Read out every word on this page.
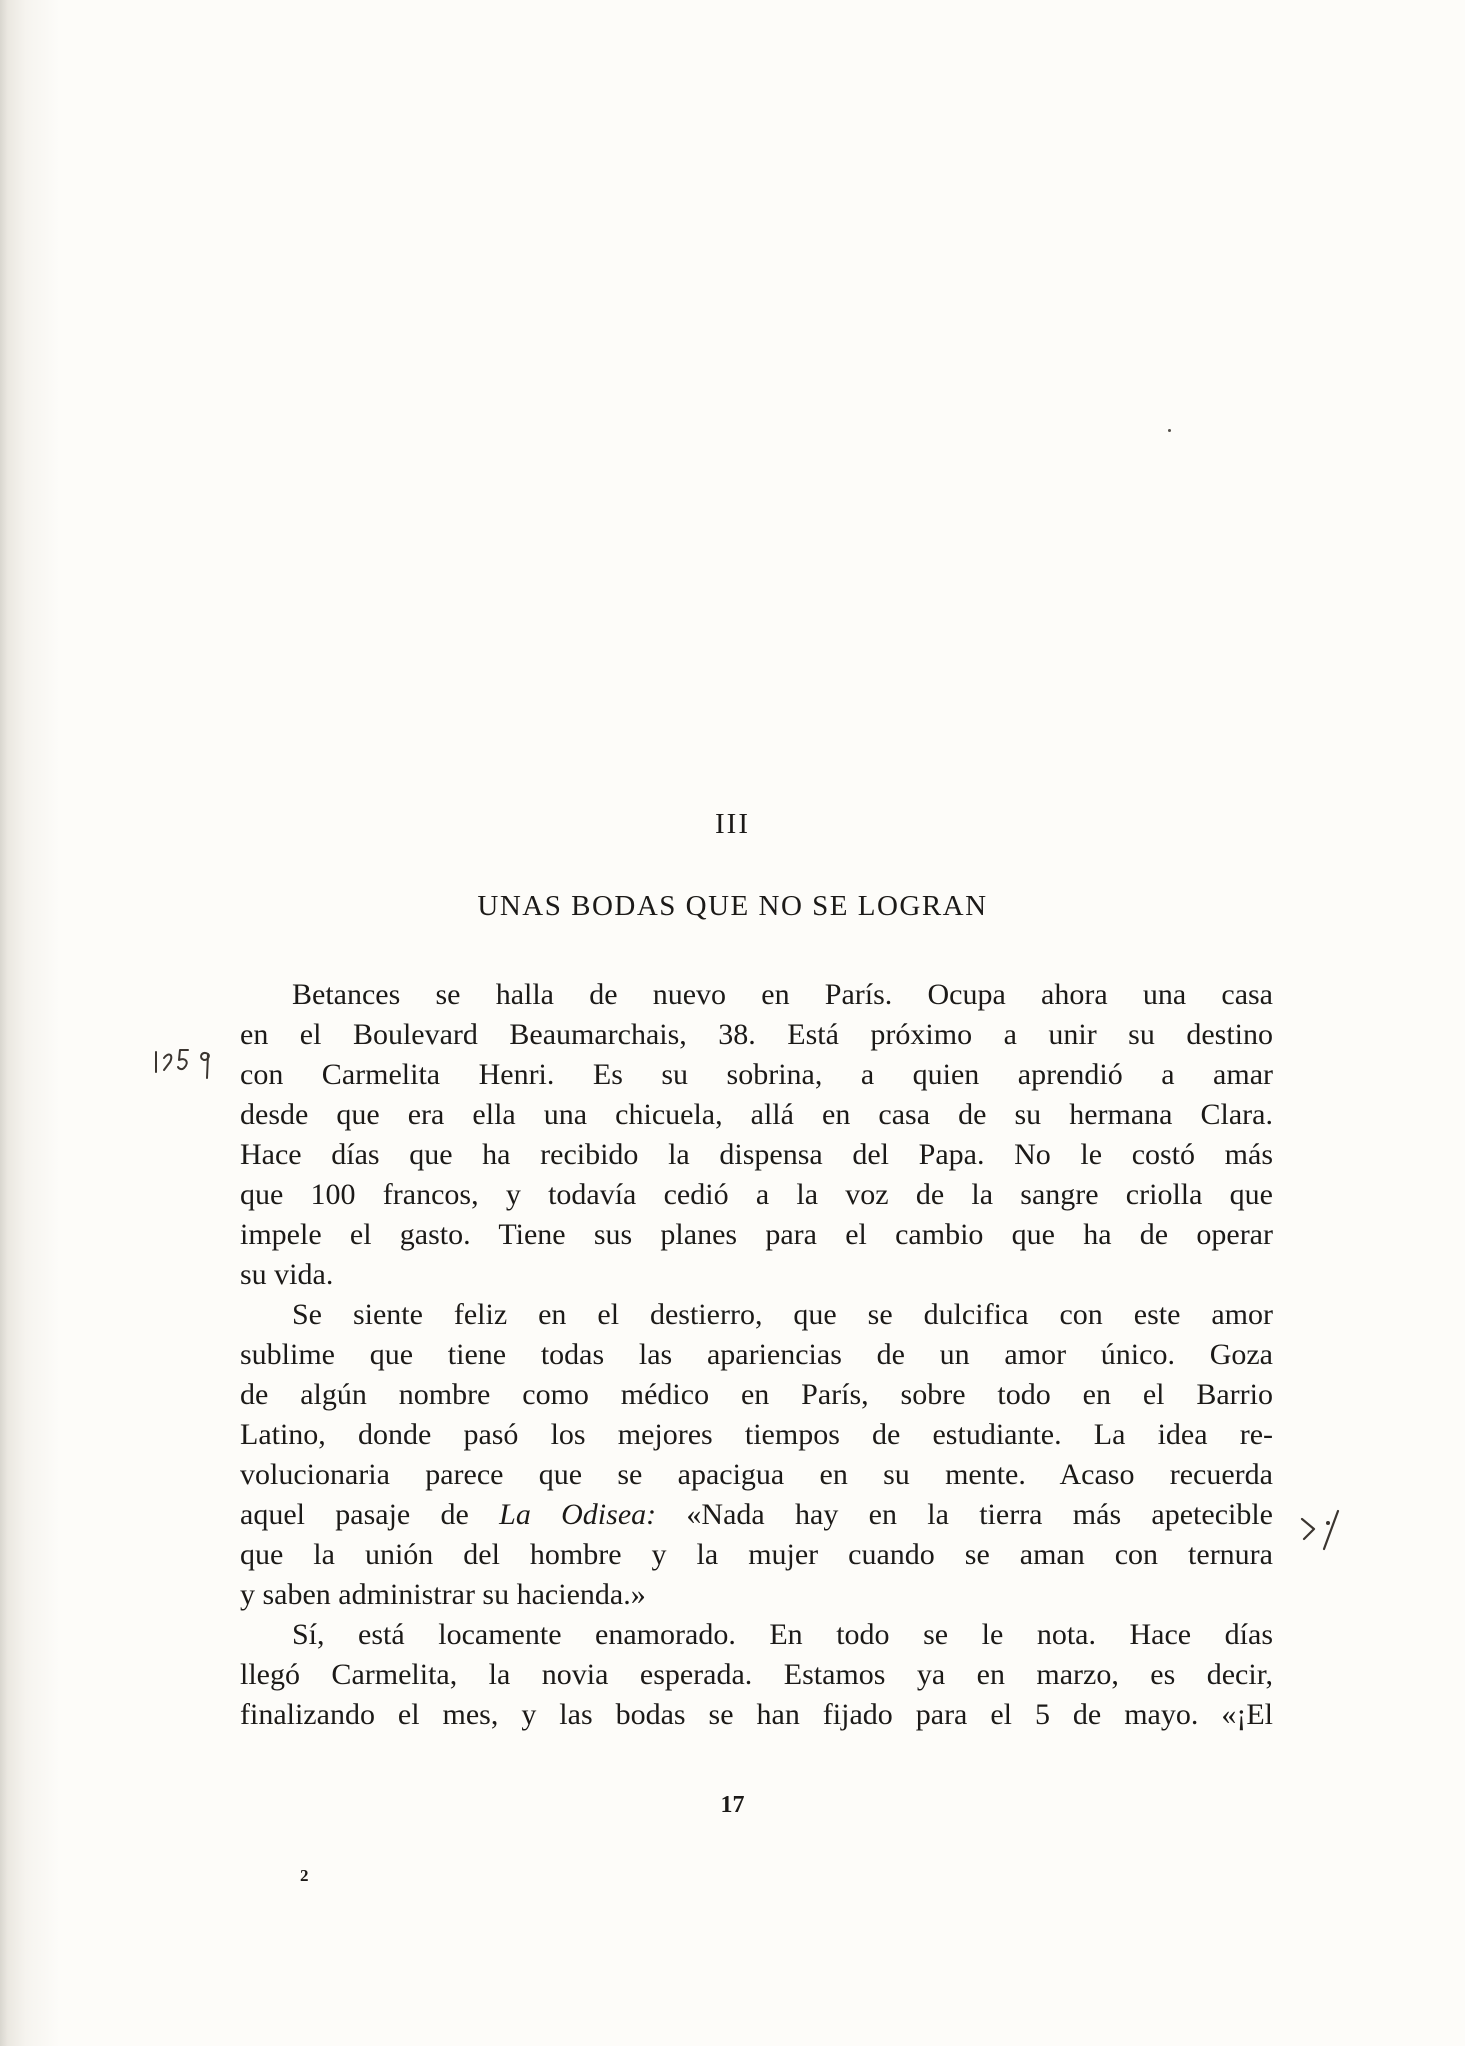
III
UNAS BODAS QUE NO SE LOGRAN
Betances se halla de nuevo en París. Ocupa ahora una casa
en el Boulevard Beaumarchais, 38. Está próximo a unir su destino
con Carmelita Henri. Es su sobrina, a quien aprendió a amar
desde que era ella una chicuela, allá en casa de su hermana Clara.
Hace días que ha recibido la dispensa del Papa. No le costó más
que 100 francos, y todavía cedió a la voz de la sangre criolla que
impele el gasto. Tiene sus planes para el cambio que ha de operar
su vida.
Se siente feliz en el destierro, que se dulcifica con este amor
sublime que tiene todas las apariencias de un amor único. Goza
de algún nombre como médico en París, sobre todo en el Barrio
Latino, donde pasó los mejores tiempos de estudiante. La idea re-
volucionaria parece que se apacigua en su mente. Acaso recuerda
aquel pasaje de La Odisea: «Nada hay en la tierra más apetecible
que la unión del hombre y la mujer cuando se aman con ternura
y saben administrar su hacienda.»
Sí, está locamente enamorado. En todo se le nota. Hace días
llegó Carmelita, la novia esperada. Estamos ya en marzo, es decir,
finalizando el mes, y las bodas se han fijado para el 5 de mayo. «¡El
17
2
